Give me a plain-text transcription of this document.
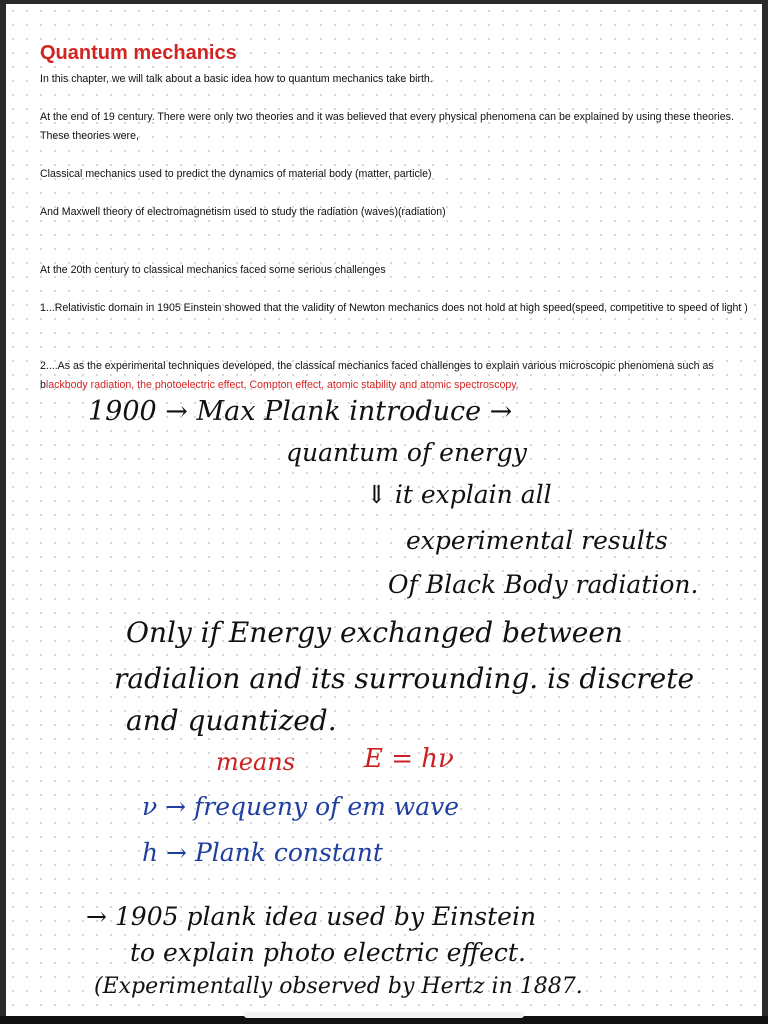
Quantum mechanics
In this chapter, we will talk about a basic idea how to quantum mechanics take birth.
At the end of 19 century. There were only two theories and it was believed that every physical phenomena can be explained by using these theories. These theories were,
Classical mechanics used to predict the dynamics of material body (matter, particle)
And Maxwell theory of electromagnetism used to study the radiation (waves)(radiation)
At the 20th century to classical mechanics faced some serious challenges
1...Relativistic domain in 1905 Einstein showed that the validity of Newton mechanics does not hold at high speed(speed, competitive to speed of light )
2....As as the experimental techniques developed, the classical mechanics faced challenges to explain various microscopic phenomena such as blackbody radiation, the photoelectric effect, Compton effect, atomic stability and atomic spectroscopy.
1900 → Max Plank introduce →
quantum of energy
⇓ it explain all
experimental results
Of Black Body radiation.
Only if Energy exchanged between
radialion and its surrounding. is discrete
and quantized.
means	E = hν
ν → frequeny of em wave
h → Plank constant
→ 1905 plank idea used by Einstein
to explain photo electric effect.
(Experimentally observed by Hertz in 1887.
